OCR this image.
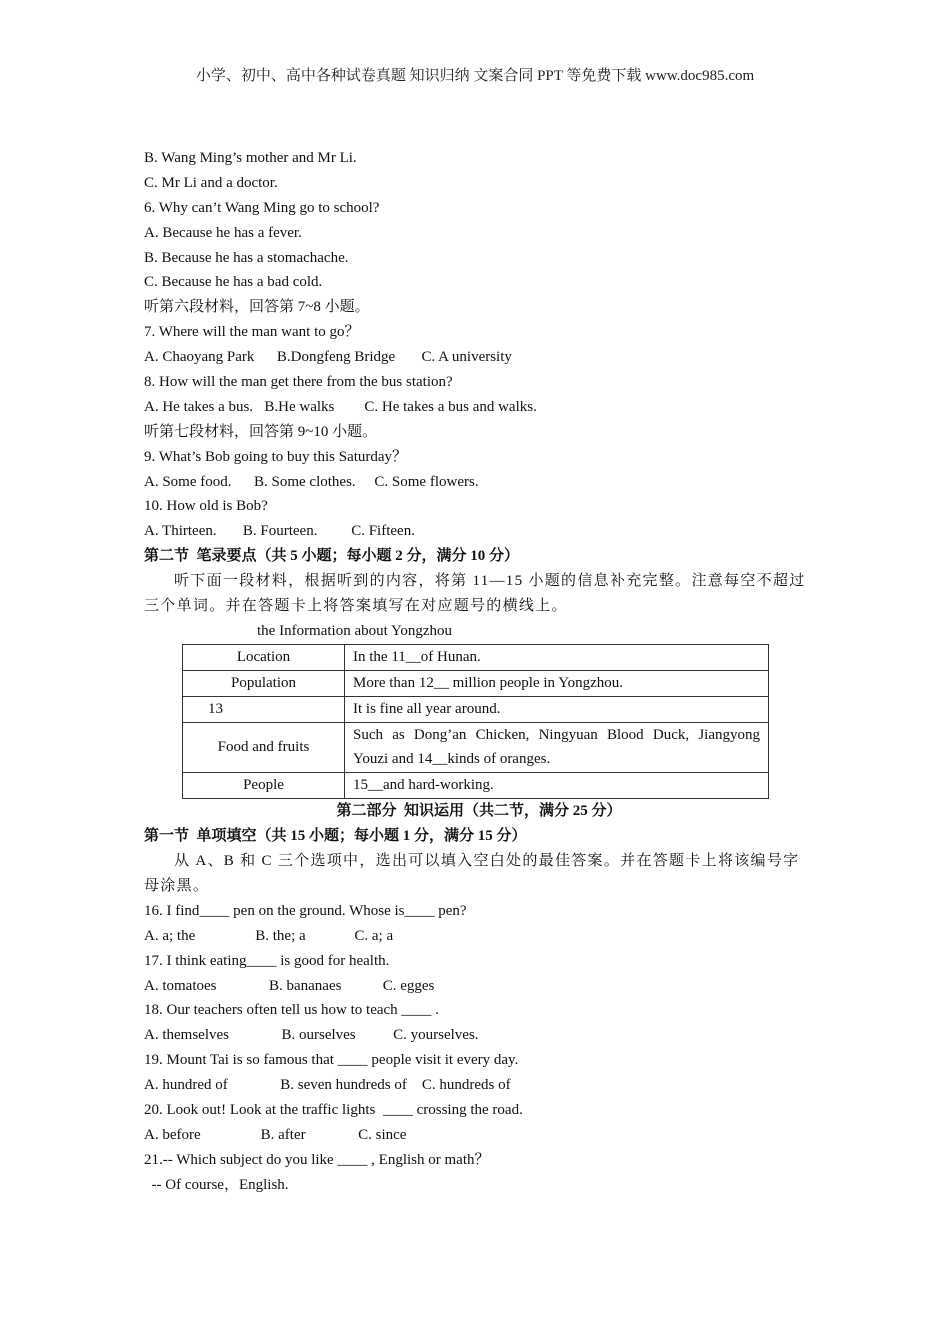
小学、初中、高中各种试卷真题 知识归纳 文案合同 PPT 等免费下载 www.doc985.com
B. Wang Ming’s mother and Mr Li.
C. Mr Li and a doctor.
6. Why can’t Wang Ming go to school?
A. Because he has a fever.
B. Because he has a stomachache.
C. Because he has a bad cold.
听第六段材料，回答第 7~8 小题。
7. Where will the man want to go？
A. Chaoyang Park      B.Dongfeng Bridge       C. A university
8. How will the man get there from the bus station?
A. He takes a bus.   B.He walks        C. He takes a bus and walks.
听第七段材料，回答第 9~10 小题。
9. What’s Bob going to buy this Saturday？
A. Some food.      B. Some clothes.     C. Some flowers.
10. How old is Bob?
A. Thirteen.       B. Fourteen.         C. Fifteen.
第二节  笔录要点（共 5 小题；每小题 2 分，满分 10 分）
听下面一段材料，根据听到的内容，将第 11—15 小题的信息补充完整。注意每空不超过三个单词。并在答题卡上将答案填写在对应题号的横线上。
the Information about Yongzhou
Location	In the 11__of Hunan.
Population	More than 12__ million people in Yongzhou.
13	It is fine all year around.
Food and fruits	Such as Dong’an Chicken, Ningyuan Blood Duck, Jiangyong Youzi and 14__kinds of oranges.
People	15__and hard-working.
第二部分  知识运用（共二节，满分 25 分）
第一节  单项填空（共 15 小题；每小题 1 分，满分 15 分）
从 A、B 和 C 三个选项中，选出可以填入空白处的最佳答案。并在答题卡上将该编号字母涂黑。
16. I find____ pen on the ground. Whose is____ pen?
A. a; the                B. the; a             C. a; a
17. I think eating____ is good for health.
A. tomatoes              B. bananaes           C. egges
18. Our teachers often tell us how to teach ____ .
A. themselves              B. ourselves          C. yourselves.
19. Mount Tai is so famous that ____ people visit it every day.
A. hundred of              B. seven hundreds of    C. hundreds of
20. Look out! Look at the traffic lights  ____ crossing the road.
A. before                B. after              C. since
21.-- Which subject do you like ____ , English or math？
-- Of course，English.
